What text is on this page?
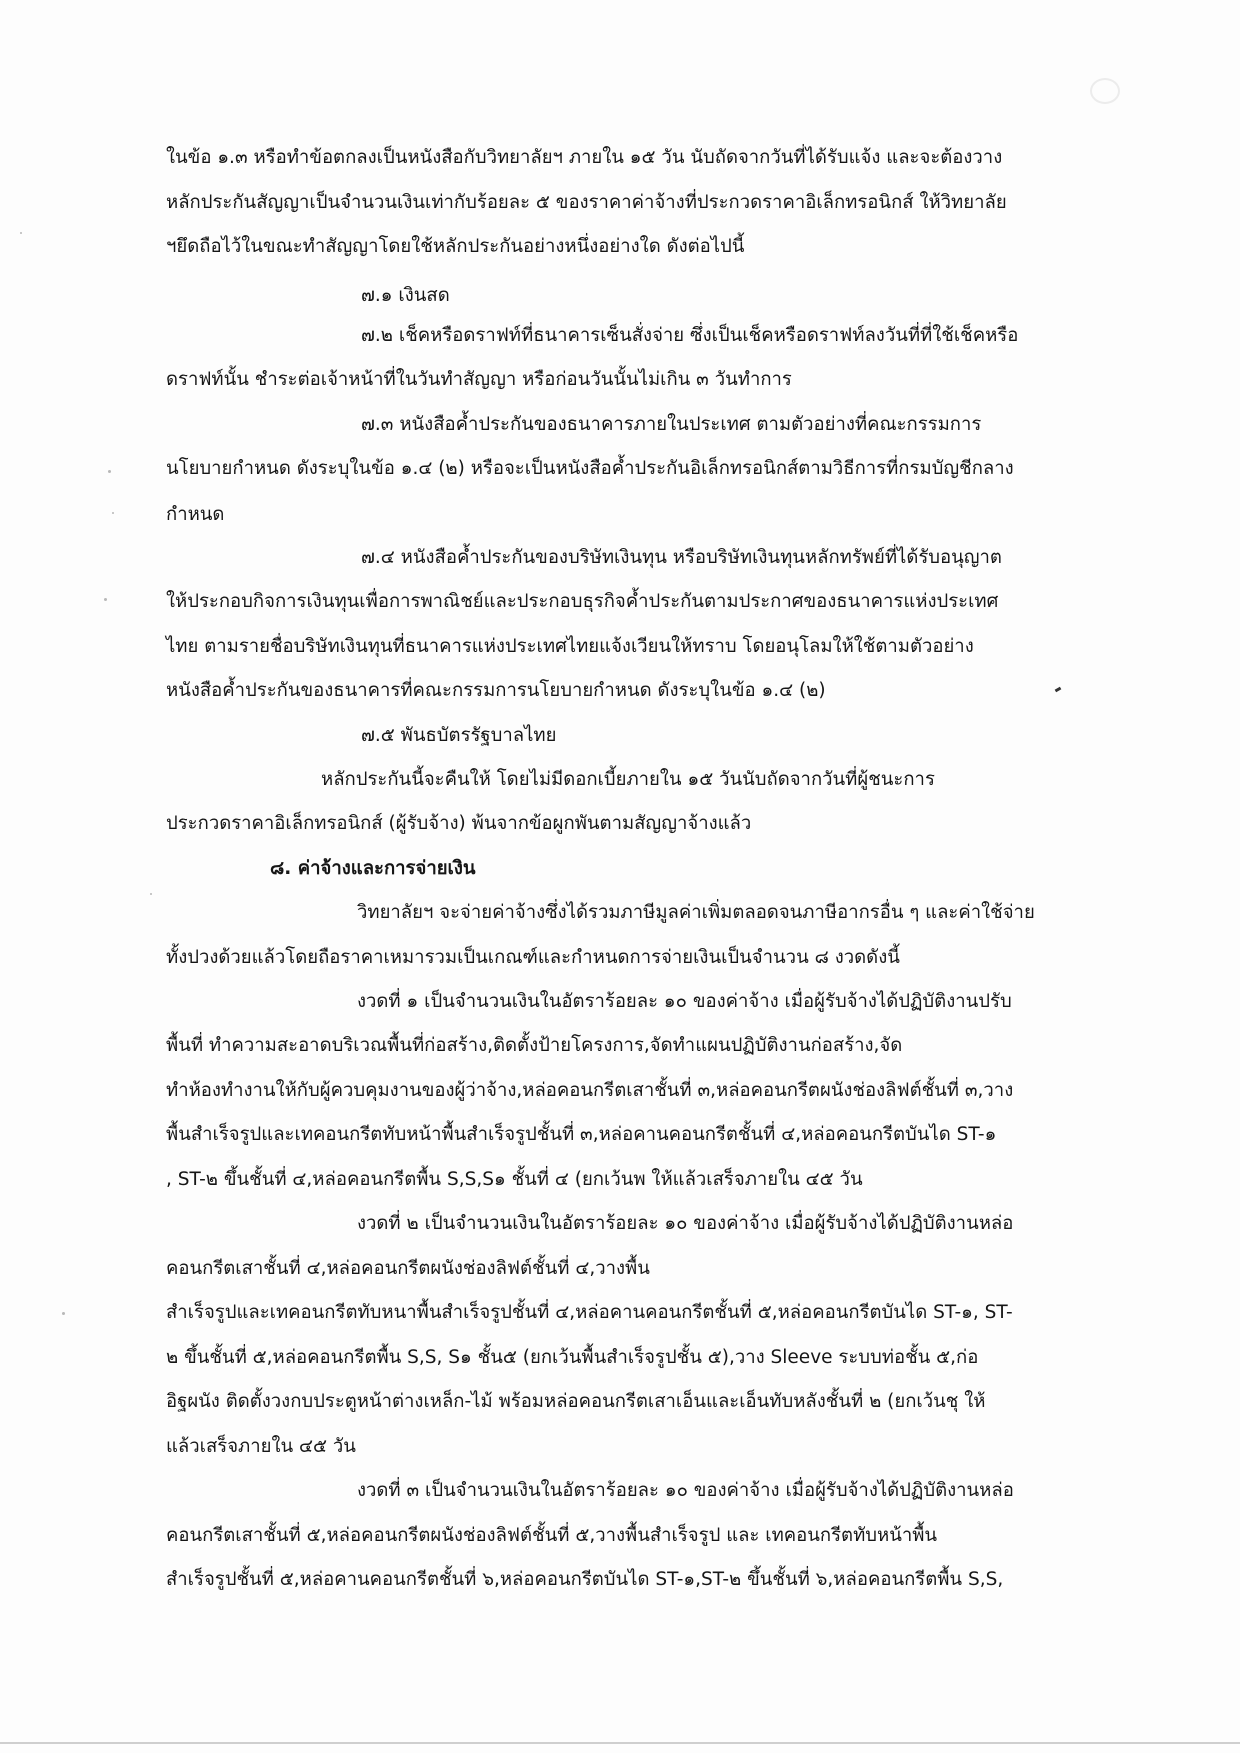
ในข้อ ๑.๓ หรือทำข้อตกลงเป็นหนังสือกับวิทยาลัยฯ ภายใน ๑๕ วัน นับถัดจากวันที่ได้รับแจ้ง และจะต้องวาง
หลักประกันสัญญาเป็นจำนวนเงินเท่ากับร้อยละ ๕ ของราคาค่าจ้างที่ประกวดราคาอิเล็กทรอนิกส์ ให้วิทยาลัย
ฯยึดถือไว้ในขณะทำสัญญาโดยใช้หลักประกันอย่างหนึ่งอย่างใด ดังต่อไปนี้
๗.๑ เงินสด
๗.๒ เช็คหรือดราฟท์ที่ธนาคารเซ็นสั่งจ่าย ซึ่งเป็นเช็คหรือดราฟท์ลงวันที่ที่ใช้เช็คหรือ
ดราฟท์นั้น ชำระต่อเจ้าหน้าที่ในวันทำสัญญา หรือก่อนวันนั้นไม่เกิน ๓ วันทำการ
๗.๓ หนังสือค้ำประกันของธนาคารภายในประเทศ ตามตัวอย่างที่คณะกรรมการ
นโยบายกำหนด ดังระบุในข้อ ๑.๔ (๒) หรือจะเป็นหนังสือค้ำประกันอิเล็กทรอนิกส์ตามวิธีการที่กรมบัญชีกลาง
กำหนด
๗.๔ หนังสือค้ำประกันของบริษัทเงินทุน หรือบริษัทเงินทุนหลักทรัพย์ที่ได้รับอนุญาต
ให้ประกอบกิจการเงินทุนเพื่อการพาณิชย์และประกอบธุรกิจค้ำประกันตามประกาศของธนาคารแห่งประเทศ
ไทย ตามรายชื่อบริษัทเงินทุนที่ธนาคารแห่งประเทศไทยแจ้งเวียนให้ทราบ โดยอนุโลมให้ใช้ตามตัวอย่าง
หนังสือค้ำประกันของธนาคารที่คณะกรรมการนโยบายกำหนด ดังระบุในข้อ ๑.๔ (๒)
๗.๕ พันธบัตรรัฐบาลไทย
หลักประกันนี้จะคืนให้ โดยไม่มีดอกเบี้ยภายใน ๑๕ วันนับถัดจากวันที่ผู้ชนะการ
ประกวดราคาอิเล็กทรอนิกส์ (ผู้รับจ้าง) พ้นจากข้อผูกพันตามสัญญาจ้างแล้ว
๘. ค่าจ้างและการจ่ายเงิน
วิทยาลัยฯ จะจ่ายค่าจ้างซึ่งได้รวมภาษีมูลค่าเพิ่มตลอดจนภาษีอากรอื่น ๆ และค่าใช้จ่าย
ทั้งปวงด้วยแล้วโดยถือราคาเหมารวมเป็นเกณฑ์และกำหนดการจ่ายเงินเป็นจำนวน ๘ งวดดังนี้
งวดที่ ๑ เป็นจำนวนเงินในอัตราร้อยละ ๑๐ ของค่าจ้าง เมื่อผู้รับจ้างได้ปฏิบัติงานปรับ
พื้นที่ ทำความสะอาดบริเวณพื้นที่ก่อสร้าง,ติดตั้งป้ายโครงการ,จัดทำแผนปฏิบัติงานก่อสร้าง,จัด
ทำห้องทำงานให้กับผู้ควบคุมงานของผู้ว่าจ้าง,หล่อคอนกรีตเสาชั้นที่ ๓,หล่อคอนกรีตผนังช่องลิฟต์ชั้นที่ ๓,วาง
พื้นสำเร็จรูปและเทคอนกรีตทับหน้าพื้นสำเร็จรูปชั้นที่ ๓,หล่อคานคอนกรีตชั้นที่ ๔,หล่อคอนกรีตบันได ST-๑
, ST-๒ ขึ้นชั้นที่ ๔,หล่อคอนกรีตพื้น S,S,S๑ ชั้นที่ ๔ (ยกเว้นพ ให้แล้วเสร็จภายใน ๔๕ วัน
งวดที่ ๒ เป็นจำนวนเงินในอัตราร้อยละ ๑๐ ของค่าจ้าง เมื่อผู้รับจ้างได้ปฏิบัติงานหล่อ
คอนกรีตเสาชั้นที่ ๔,หล่อคอนกรีตผนังช่องลิฟต์ชั้นที่ ๔,วางพื้น
สำเร็จรูปและเทคอนกรีตทับหนาพื้นสำเร็จรูปชั้นที่ ๔,หล่อคานคอนกรีตชั้นที่ ๕,หล่อคอนกรีตบันได ST-๑, ST-
๒ ขึ้นชั้นที่ ๕,หล่อคอนกรีตพื้น S,S, S๑ ชั้น๕ (ยกเว้นพื้นสำเร็จรูปชั้น ๕),วาง Sleeve ระบบท่อชั้น ๕,ก่อ
อิฐผนัง ติดตั้งวงกบประตูหน้าต่างเหล็ก-ไม้ พร้อมหล่อคอนกรีตเสาเอ็นและเอ็นทับหลังชั้นที่ ๒ (ยกเว้นชุ ให้
แล้วเสร็จภายใน ๔๕ วัน
งวดที่ ๓ เป็นจำนวนเงินในอัตราร้อยละ ๑๐ ของค่าจ้าง เมื่อผู้รับจ้างได้ปฏิบัติงานหล่อ
คอนกรีตเสาชั้นที่ ๕,หล่อคอนกรีตผนังช่องลิฟต์ชั้นที่ ๕,วางพื้นสำเร็จรูป และ เทคอนกรีตทับหน้าพื้น
สำเร็จรูปชั้นที่ ๕,หล่อคานคอนกรีตชั้นที่ ๖,หล่อคอนกรีตบันได ST-๑,ST-๒ ขึ้นชั้นที่ ๖,หล่อคอนกรีตพื้น S,S,
